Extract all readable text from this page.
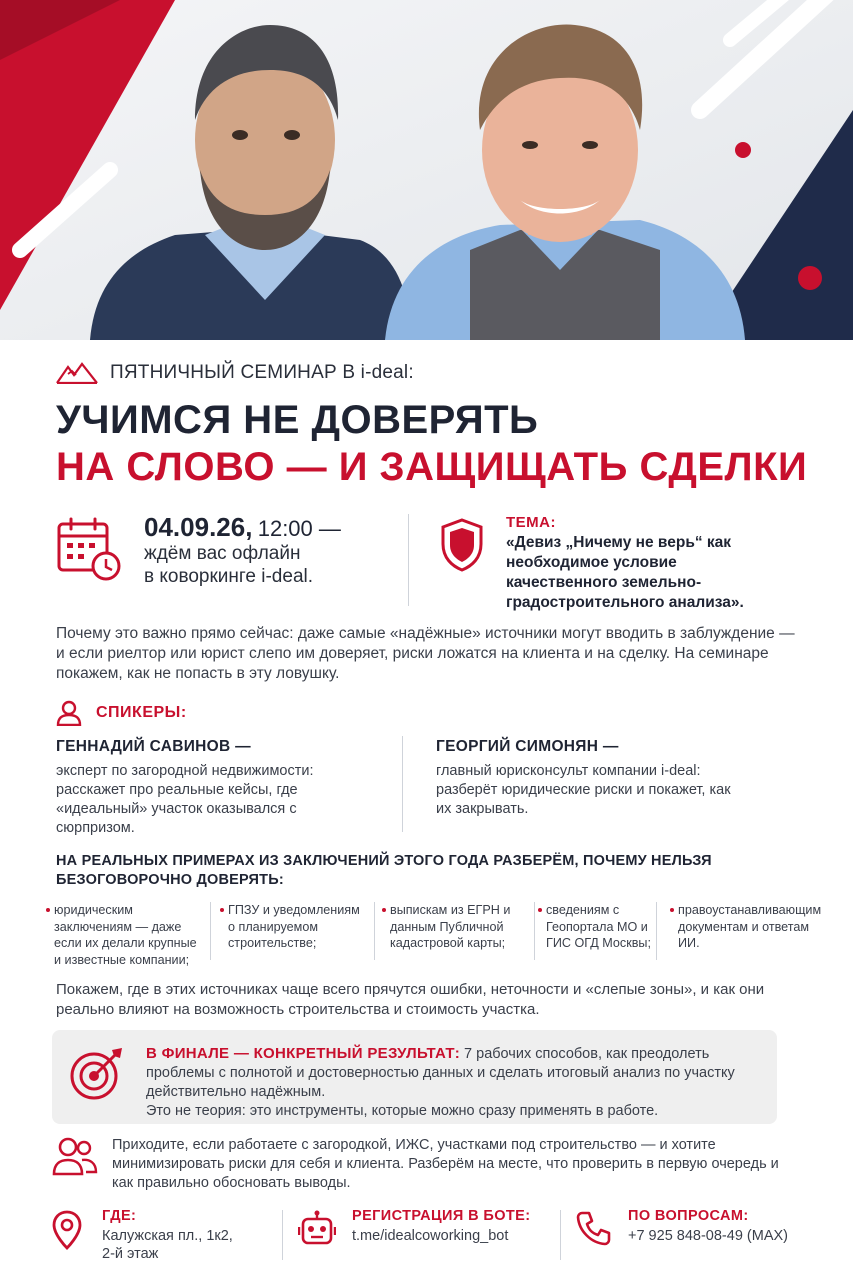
ПЯТНИЧНЫЙ СЕМИНАР В i-deal:
УЧИМСЯ НЕ ДОВЕРЯТЬ
НА СЛОВО — И ЗАЩИЩАТЬ СДЕЛКИ
04.09.26, 12:00 —
ждём вас офлайн
в коворкинге i-deal.
ТЕМА:
«Девиз „Ничему не верь“ как необходимое условие качественного земельно-градостроительного анализа».
Почему это важно прямо сейчас: даже самые «надёжные» источники могут вводить в заблуждение — и если риелтор или юрист слепо им доверяет, риски ложатся на клиента и на сделку. На семинаре покажем, как не попасть в эту ловушку.
СПИКЕРЫ:
ГЕННАДИЙ САВИНОВ —
эксперт по загородной недвижимости: расскажет про реальные кейсы, где «идеальный» участок оказывался с сюрпризом.
ГЕОРГИЙ СИМОНЯН —
главный юрисконсульт компании i-deal: разберёт юридические риски и покажет, как их закрывать.
НА РЕАЛЬНЫХ ПРИМЕРАХ ИЗ ЗАКЛЮЧЕНИЙ ЭТОГО ГОДА РАЗБЕРЁМ, ПОЧЕМУ НЕЛЬЗЯ БЕЗОГОВОРОЧНО ДОВЕРЯТЬ:
юридическим заключениям — даже если их делали крупные и известные компании;
ГПЗУ и уведомлениям о планируемом строительстве;
выпискам из ЕГРН и данным Публичной кадастровой карты;
сведениям с Геопортала МО и ГИС ОГД Москвы;
правоустанавливающим документам и ответам ИИ.
Покажем, где в этих источниках чаще всего прячутся ошибки, неточности и «слепые зоны», и как они реально влияют на возможность строительства и стоимость участка.
В ФИНАЛЕ — КОНКРЕТНЫЙ РЕЗУЛЬТАТ: 7 рабочих способов, как преодолеть проблемы с полнотой и достоверностью данных и сделать итоговый анализ по участку действительно надёжным.
Это не теория: это инструменты, которые можно сразу применять в работе.
Приходите, если работаете с загородкой, ИЖС, участками под строительство — и хотите минимизировать риски для себя и клиента. Разберём на месте, что проверить в первую очередь и как правильно обосновать выводы.
ГДЕ:
Калужская пл., 1к2,
2-й этаж
РЕГИСТРАЦИЯ В БОТЕ:
t.me/idealcoworking_bot
ПО ВОПРОСАМ:
+7 925 848-08-49 (MAX)
